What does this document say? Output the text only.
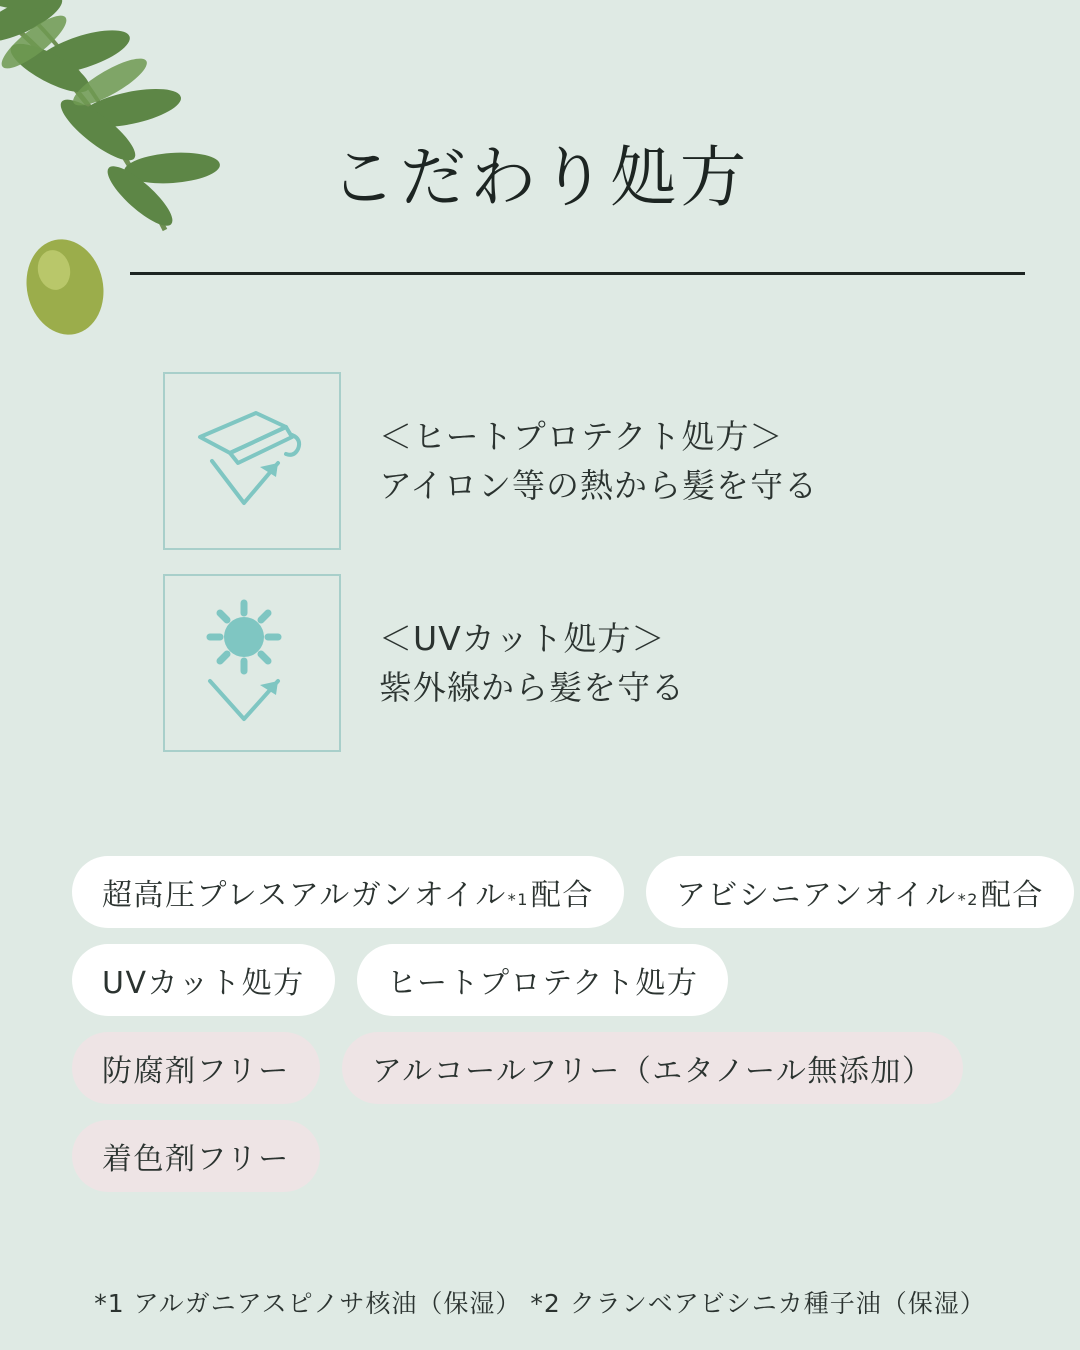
こだわり処方
＜ヒートプロテクト処方＞
アイロン等の熱から髪を守る
＜UVカット処方＞
紫外線から髪を守る
超高圧プレスアルガンオイル$_{*1}$ 配合	アビシニアンオイル$_{*2}$ 配合
UVカット処方	ヒートプロテクト処方
防腐剤フリー	アルコールフリー（エタノール無添加）
着色剤フリー
*1 アルガニアスピノサ核油（保湿） *2 クランベアビシニカ種子油（保湿）
